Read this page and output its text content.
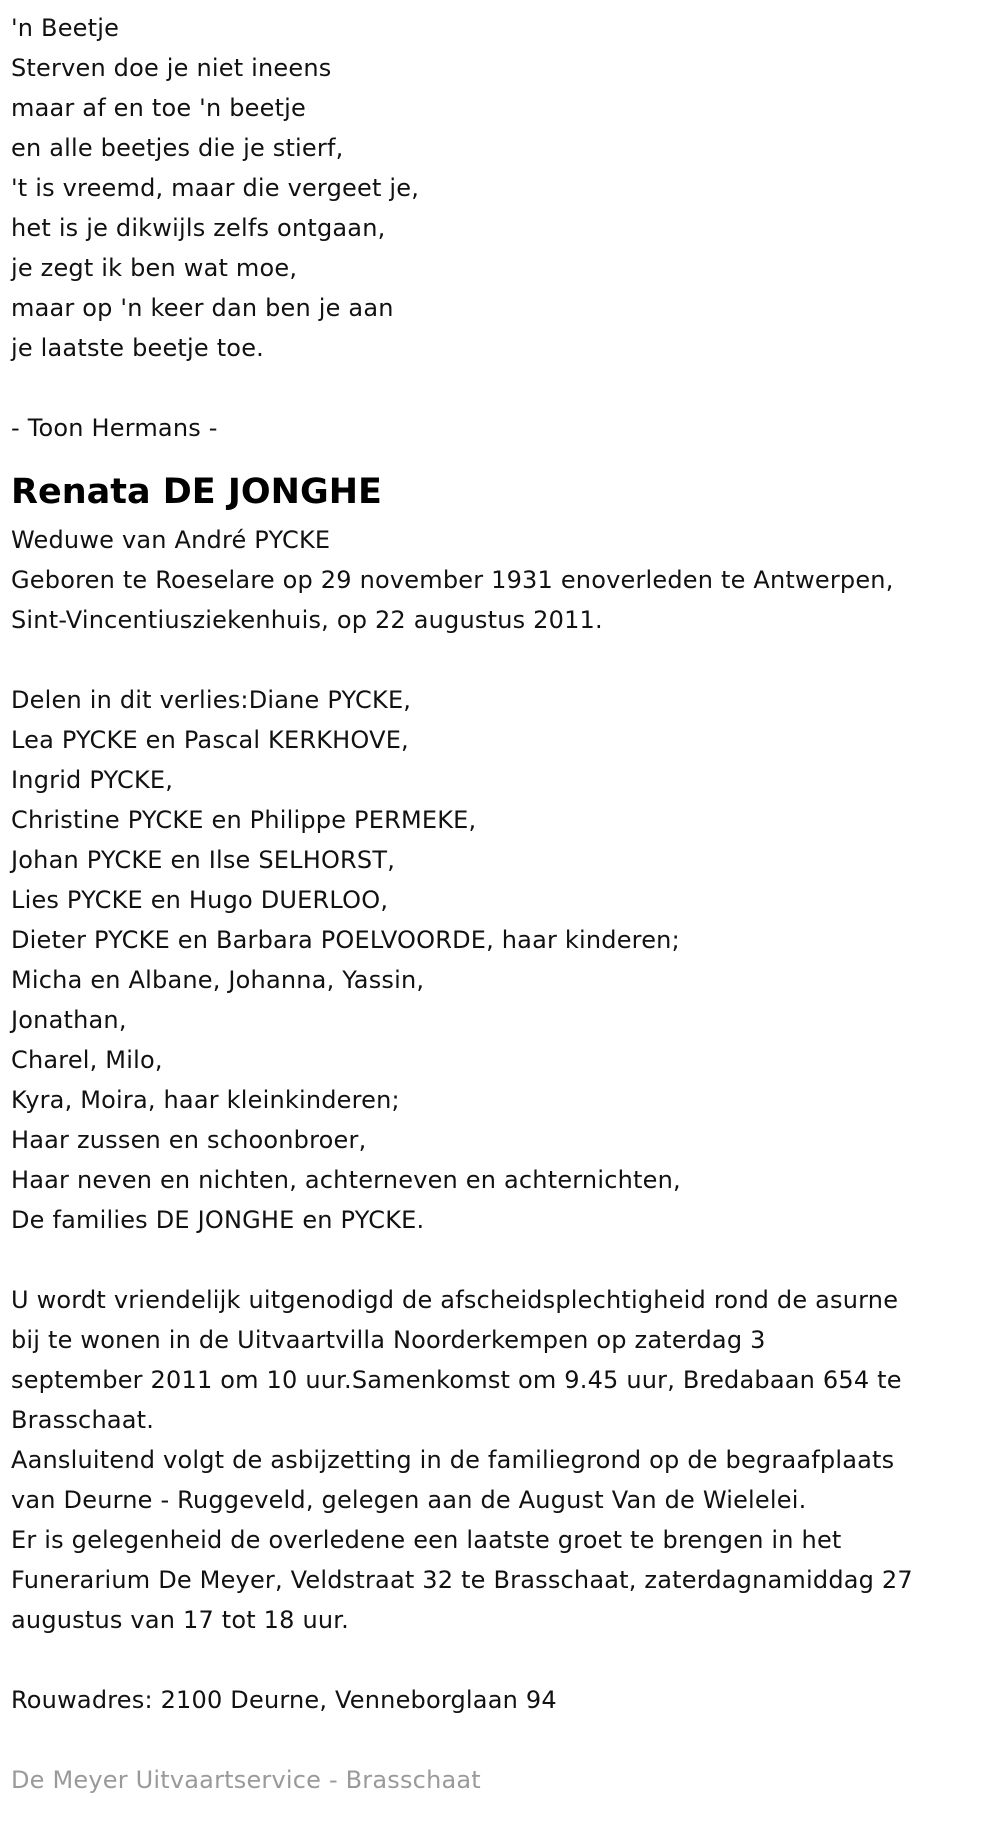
'n Beetje
Sterven doe je niet ineens
maar af en toe 'n beetje
en alle beetjes die je stierf,
't is vreemd, maar die vergeet je,
het is je dikwijls zelfs ontgaan,
je zegt ik ben wat moe,
maar op 'n keer dan ben je aan
je laatste beetje toe.
- Toon Hermans -
Renata DE JONGHE
Weduwe van André PYCKE
Geboren te Roeselare op 29 november 1931 enoverleden te Antwerpen,
Sint-Vincentiusziekenhuis, op 22 augustus 2011.
Delen in dit verlies:Diane PYCKE,
Lea PYCKE en Pascal KERKHOVE,
Ingrid PYCKE,
Christine PYCKE en Philippe PERMEKE,
Johan PYCKE en Ilse SELHORST,
Lies PYCKE en Hugo DUERLOO,
Dieter PYCKE en Barbara POELVOORDE, haar kinderen;
Micha en Albane, Johanna, Yassin,
Jonathan,
Charel, Milo,
Kyra, Moira, haar kleinkinderen;
Haar zussen en schoonbroer,
Haar neven en nichten, achterneven en achternichten,
De families DE JONGHE en PYCKE.
U wordt vriendelijk uitgenodigd de afscheidsplechtigheid rond de asurne
bij te wonen in de Uitvaartvilla Noorderkempen op zaterdag 3
september 2011 om 10 uur.Samenkomst om 9.45 uur, Bredabaan 654 te
Brasschaat.
Aansluitend volgt de asbijzetting in de familiegrond op de begraafplaats
van Deurne - Ruggeveld, gelegen aan de August Van de Wielelei.
Er is gelegenheid de overledene een laatste groet te brengen in het
Funerarium De Meyer, Veldstraat 32 te Brasschaat, zaterdagnamiddag 27
augustus van 17 tot 18 uur.
Rouwadres: 2100 Deurne, Venneborglaan 94
De Meyer Uitvaartservice - Brasschaat
